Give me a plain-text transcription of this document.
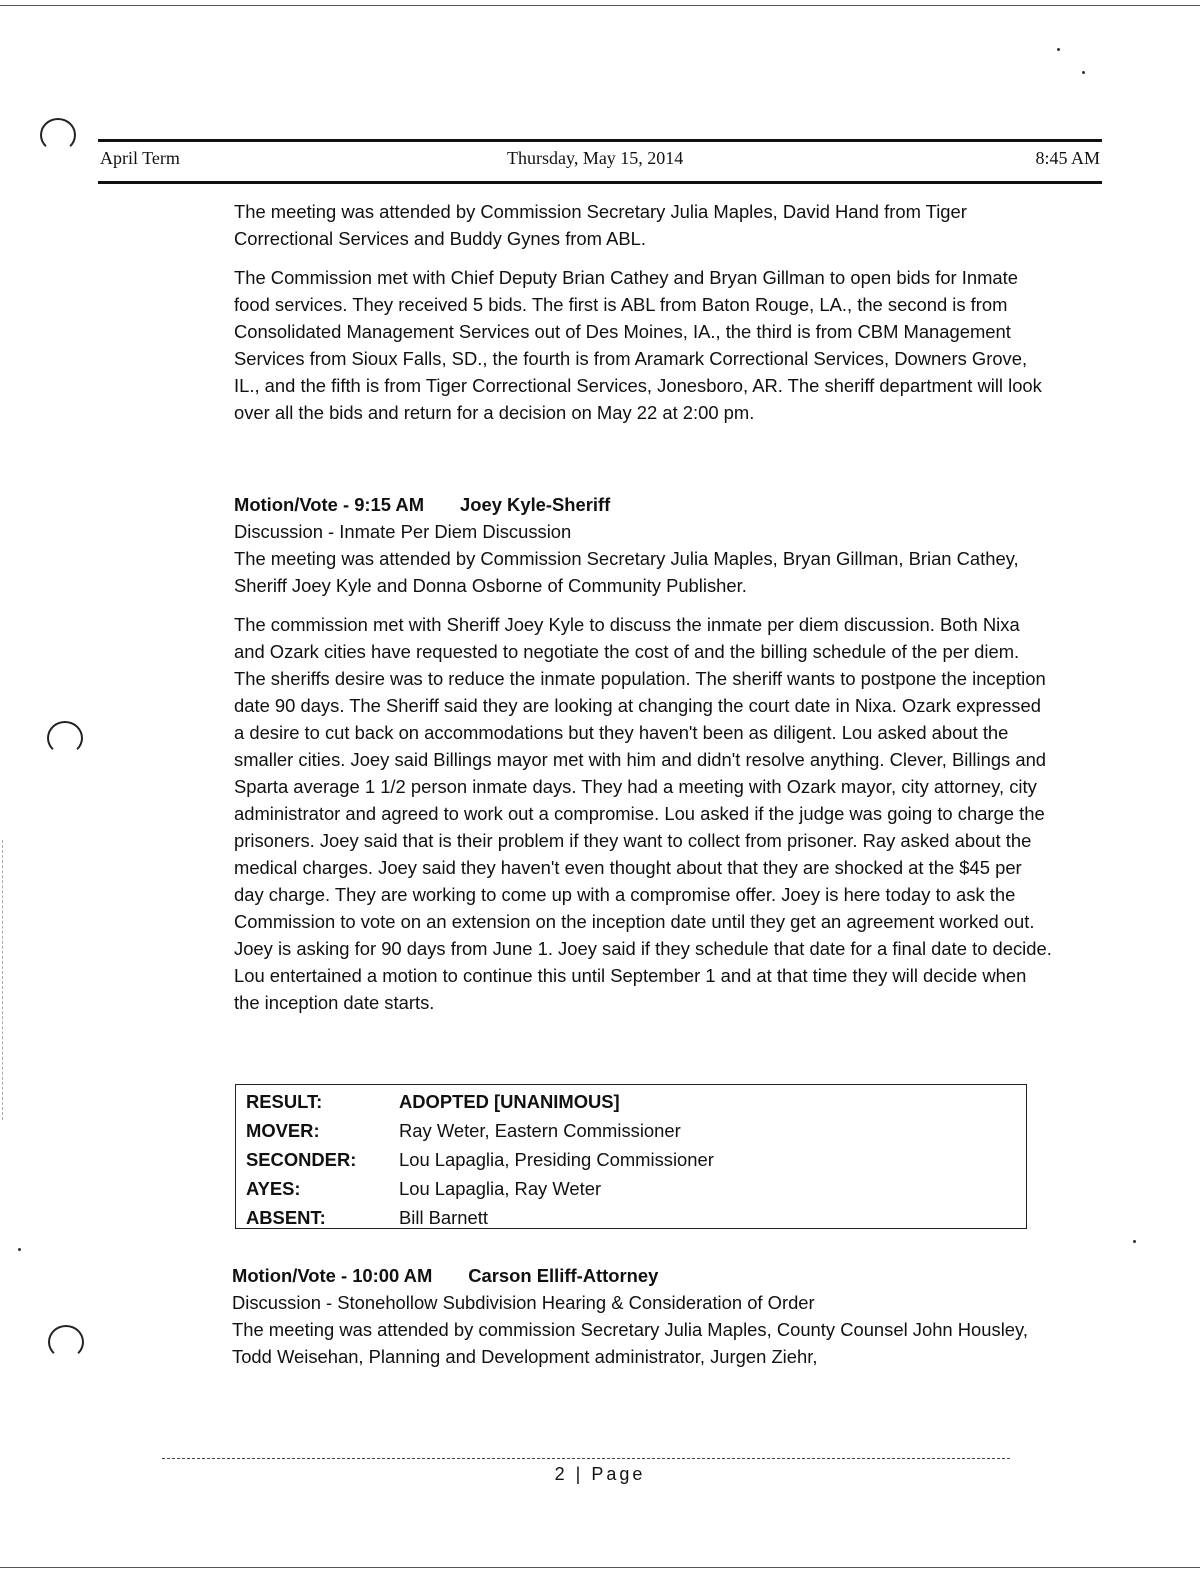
April Term	Thursday, May 15, 2014	8:45 AM

The meeting was attended by Commission Secretary Julia Maples, David Hand from Tiger Correctional Services and Buddy Gynes from ABL.

The Commission met with Chief Deputy Brian Cathey and Bryan Gillman to open bids for Inmate food services. They received 5 bids. The first is ABL from Baton Rouge, LA., the second is from Consolidated Management Services out of Des Moines, IA., the third is from CBM Management Services from Sioux Falls, SD., the fourth is from Aramark Correctional Services, Downers Grove, IL., and the fifth is from Tiger Correctional Services, Jonesboro, AR. The sheriff department will look over all the bids and return for a decision on May 22 at 2:00 pm.

Motion/Vote - 9:15 AM Joey Kyle-Sheriff
Discussion - Inmate Per Diem Discussion
The meeting was attended by Commission Secretary Julia Maples, Bryan Gillman, Brian Cathey, Sheriff Joey Kyle and Donna Osborne of Community Publisher.
The commission met with Sheriff Joey Kyle to discuss the inmate per diem discussion. Both Nixa and Ozark cities have requested to negotiate the cost of and the billing schedule of the per diem. The sheriffs desire was to reduce the inmate population. The sheriff wants to postpone the inception date 90 days. The Sheriff said they are looking at changing the court date in Nixa. Ozark expressed a desire to cut back on accommodations but they haven't been as diligent. Lou asked about the smaller cities. Joey said Billings mayor met with him and didn't resolve anything. Clever, Billings and Sparta average 1 1/2 person inmate days. They had a meeting with Ozark mayor, city attorney, city administrator and agreed to work out a compromise. Lou asked if the judge was going to charge the prisoners. Joey said that is their problem if they want to collect from prisoner. Ray asked about the medical charges. Joey said they haven't even thought about that they are shocked at the $45 per day charge. They are working to come up with a compromise offer. Joey is here today to ask the Commission to vote on an extension on the inception date until they get an agreement worked out. Joey is asking for 90 days from June 1. Joey said if they schedule that date for a final date to decide. Lou entertained a motion to continue this until September 1 and at that time they will decide when the inception date starts.
RESULT:	ADOPTED [UNANIMOUS]
MOVER:	Ray Weter, Eastern Commissioner
SECONDER:	Lou Lapaglia, Presiding Commissioner
AYES:	Lou Lapaglia, Ray Weter
ABSENT:	Bill Barnett
Motion/Vote - 10:00 AM Carson Elliff-Attorney
Discussion - Stonehollow Subdivision Hearing & Consideration of Order
The meeting was attended by commission Secretary Julia Maples, County Counsel John Housley, Todd Weisehan, Planning and Development administrator, Jurgen Ziehr,
2 | Page
